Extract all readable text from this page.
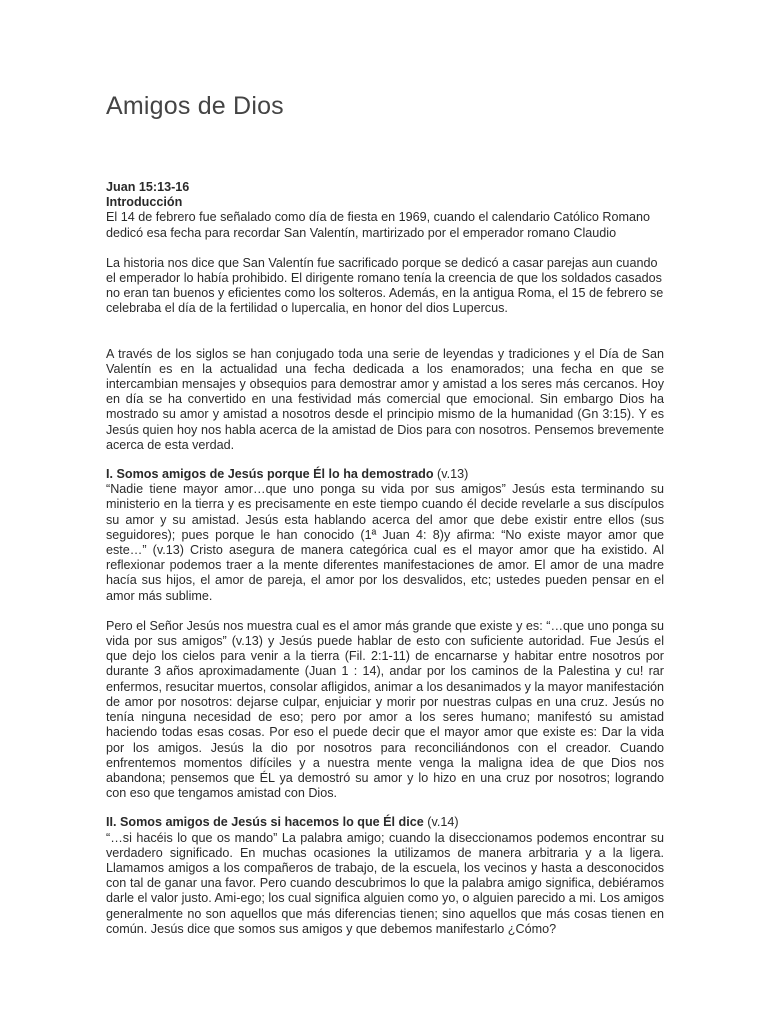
Amigos de Dios

Juan 15:13-16

Introducción

El 14 de febrero fue señalado como día de fiesta en 1969, cuando el calendario Católico Romano dedicó esa fecha para recordar San Valentín, martirizado por el emperador romano Claudio

La historia nos dice que San Valentín fue sacrificado porque se dedicó a casar parejas aun cuando el emperador lo había prohibido. El dirigente romano tenía la creencia de que los soldados casados no eran tan buenos y eficientes como los solteros. Además, en la antigua Roma, el 15 de febrero se celebraba el día de la fertilidad o lupercalia, en honor del dios Lupercus.

A través de los siglos se han conjugado toda una serie de leyendas y tradiciones y el Día de San Valentín es en la actualidad una fecha dedicada a los enamorados; una fecha en que se intercambian mensajes y obsequios para demostrar amor y amistad a los seres más cercanos. Hoy en día se ha convertido en una festividad más comercial que emocional. Sin embargo Dios ha mostrado su amor y amistad a nosotros desde el principio mismo de la humanidad (Gn 3:15). Y es Jesús quien hoy nos habla acerca de la amistad de Dios para con nosotros. Pensemos brevemente acerca de esta verdad.

I. Somos amigos de Jesús porque Él lo ha demostrado (v.13)

“Nadie tiene mayor amor…que uno ponga su vida por sus amigos” Jesús esta terminando su ministerio en la tierra y es precisamente en este tiempo cuando él decide revelarle a sus discípulos su amor y su amistad. Jesús esta hablando acerca del amor que debe existir entre ellos (sus seguidores); pues porque le han conocido (1ª Juan 4: 8)y afirma: “No existe mayor amor que este…” (v.13) Cristo asegura de manera categórica cual es el mayor amor que ha existido. Al reflexionar podemos traer a la mente diferentes manifestaciones de amor. El amor de una madre hacía sus hijos, el amor de pareja, el amor por los desvalidos, etc; ustedes pueden pensar en el amor más sublime.

Pero el Señor Jesús nos muestra cual es el amor más grande que existe y es: “…que uno ponga su vida por sus amigos” (v.13) y Jesús puede hablar de esto con suficiente autoridad. Fue Jesús el que dejo los cielos para venir a la tierra (Fil. 2:1-11) de encarnarse y habitar entre nosotros por durante 3 años aproximadamente (Juan 1 : 14), andar por los caminos de la Palestina y cu! rar enfermos, resucitar muertos, consolar afligidos, animar a los desanimados y la mayor manifestación de amor por nosotros: dejarse culpar, enjuiciar y morir por nuestras culpas en una cruz. Jesús no tenía ninguna necesidad de eso; pero por amor a los seres humano; manifestó su amistad haciendo todas esas cosas. Por eso el puede decir que el mayor amor que existe es: Dar la vida por los amigos. Jesús la dio por nosotros para reconciliándonos con el creador. Cuando enfrentemos momentos difíciles y a nuestra mente venga la maligna idea de que Dios nos abandona; pensemos que ÉL ya demostró su amor y lo hizo en una cruz por nosotros; logrando con eso que tengamos amistad con Dios.

II. Somos amigos de Jesús si hacemos lo que Él dice (v.14)

“…si hacéis lo que os mando” La palabra amigo; cuando la diseccionamos podemos encontrar su verdadero significado. En muchas ocasiones la utilizamos de manera arbitraria y a la ligera. Llamamos amigos a los compañeros de trabajo, de la escuela, los vecinos y hasta a desconocidos con tal de ganar una favor. Pero cuando descubrimos lo que la palabra amigo significa, debiéramos darle el valor justo. Ami-ego; los cual significa alguien como yo, o alguien parecido a mi. Los amigos generalmente no son aquellos que más diferencias tienen; sino aquellos que más cosas tienen en común. Jesús dice que somos sus amigos y que debemos manifestarlo ¿Cómo?
